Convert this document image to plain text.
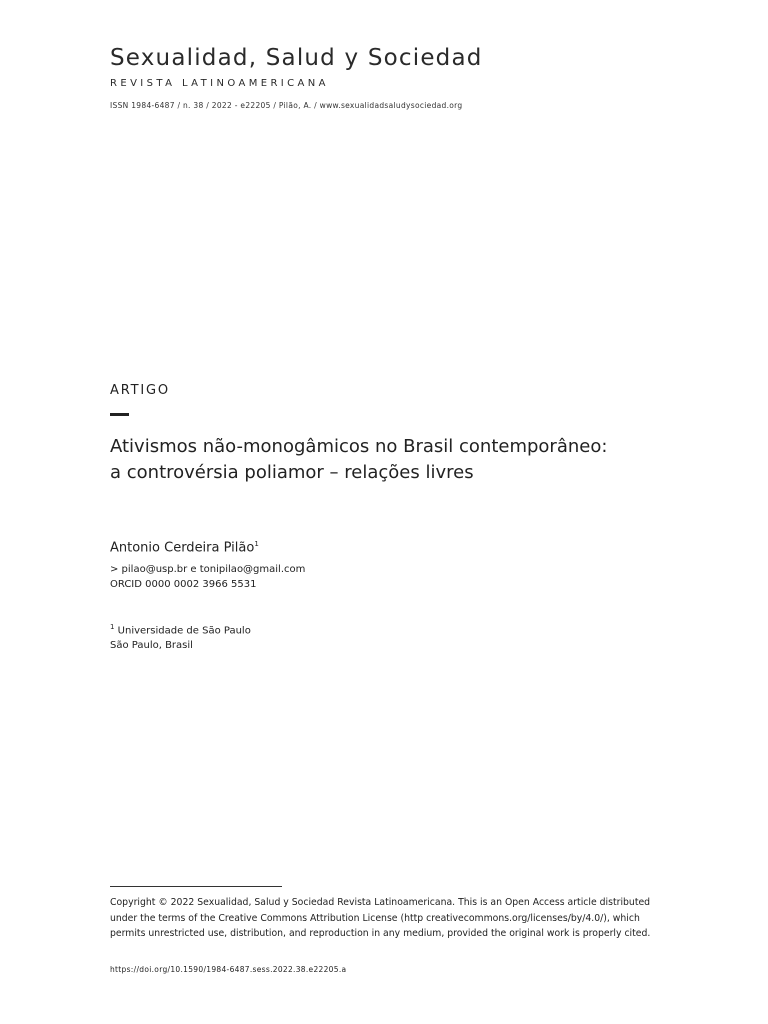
Sexualidad, Salud y Sociedad
REVISTA LATINOAMERICANA
ISSN 1984-6487 / n. 38 / 2022 - e22205 / Pilão, A. / www.sexualidadsaludysociedad.org
ARTIGO
Ativismos não-monogâmicos no Brasil contemporâneo:
a controvérsia poliamor – relações livres
Antonio Cerdeira Pilão$^1$
> pilao@usp.br e tonipilao@gmail.com
ORCID 0000 0002 3966 5531
$^1$ Universidade de São Paulo
São Paulo, Brasil
Copyright © 2022 Sexualidad, Salud y Sociedad Revista Latinoamericana. This is an Open Access article distributed
under the terms of the Creative Commons Attribution License (http creativecommons.org/licenses/by/4.0/), which
permits unrestricted use, distribution, and reproduction in any medium, provided the original work is properly cited.
https://doi.org/10.1590/1984-6487.sess.2022.38.e22205.a
